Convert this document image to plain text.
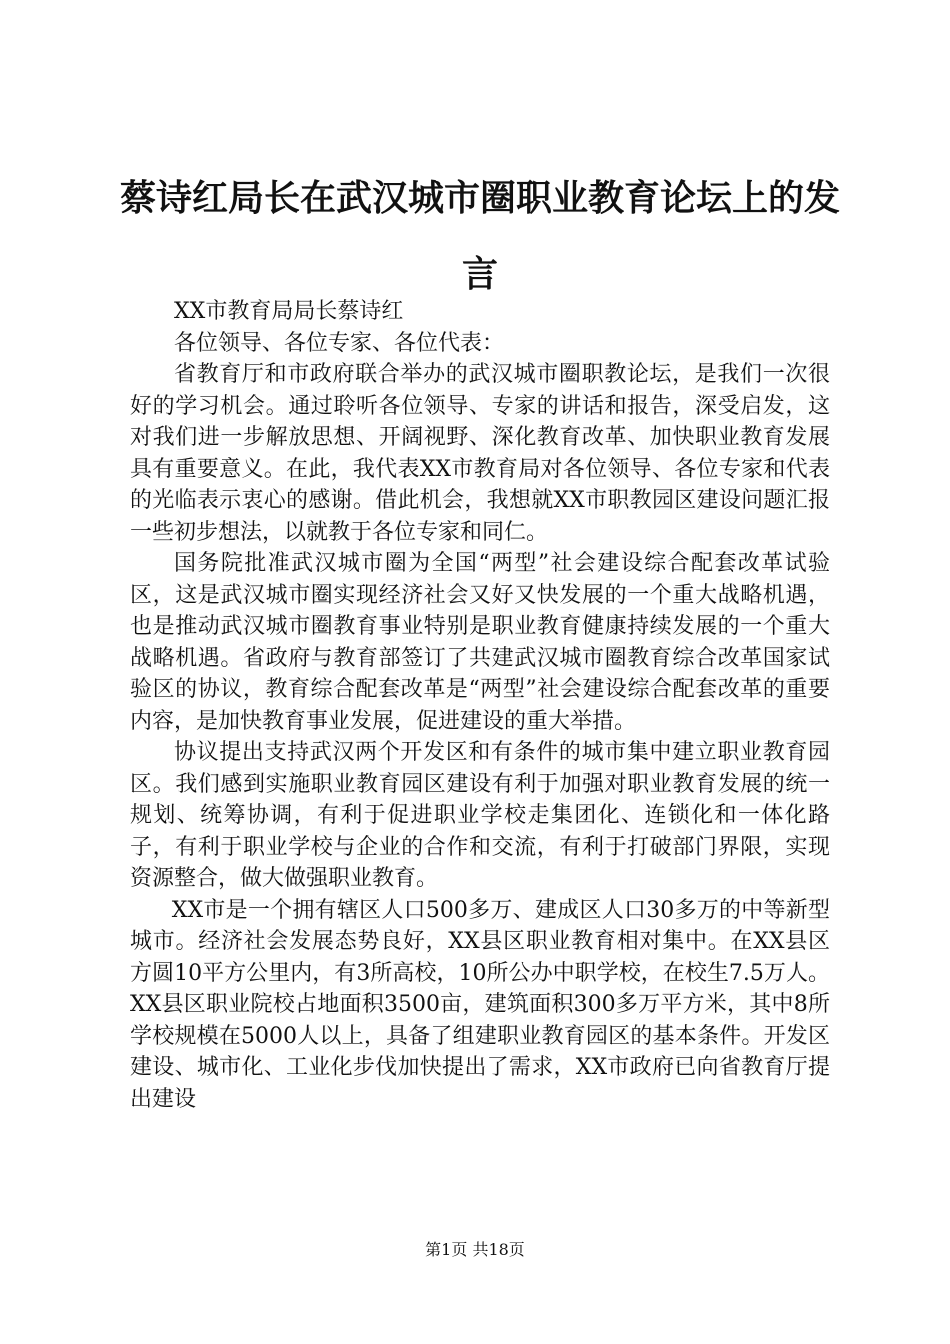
蔡诗红局长在武汉城市圈职业教育论坛上的发言

XX市教育局局长蔡诗红

各位领导、各位专家、各位代表：

省教育厅和市政府联合举办的武汉城市圈职教论坛，是我们一次很好的学习机会。通过聆听各位领导、专家的讲话和报告，深受启发，这对我们进一步解放思想、开阔视野、深化教育改革、加快职业教育发展具有重要意义。在此，我代表XX市教育局对各位领导、各位专家和代表的光临表示衷心的感谢。借此机会，我想就XX市职教园区建设问题汇报一些初步想法，以就教于各位专家和同仁。

国务院批准武汉城市圈为全国“两型”社会建设综合配套改革试验区，这是武汉城市圈实现经济社会又好又快发展的一个重大战略机遇，也是推动武汉城市圈教育事业特别是职业教育健康持续发展的一个重大战略机遇。省政府与教育部签订了共建武汉城市圈教育综合改革国家试验区的协议，教育综合配套改革是“两型”社会建设综合配套改革的重要内容，是加快教育事业发展，促进建设的重大举措。

协议提出支持武汉两个开发区和有条件的城市集中建立职业教育园区。我们感到实施职业教育园区建设有利于加强对职业教育发展的统一规划、统筹协调，有利于促进职业学校走集团化、连锁化和一体化路子，有利于职业学校与企业的合作和交流，有利于打破部门界限，实现资源整合，做大做强职业教育。

XX市是一个拥有辖区人口500多万、建成区人口30多万的中等新型城市。经济社会发展态势良好，XX县区职业教育相对集中。在XX县区方圆10平方公里内，有3所高校，10所公办中职学校，在校生7.5万人。XX县区职业院校占地面积3500亩，建筑面积300多万平方米，其中8所学校规模在5000人以上，具备了组建职业教育园区的基本条件。开发区建设、城市化、工业化步伐加快提出了需求，XX市政府已向省教育厅提出建设

第1页 共18页
